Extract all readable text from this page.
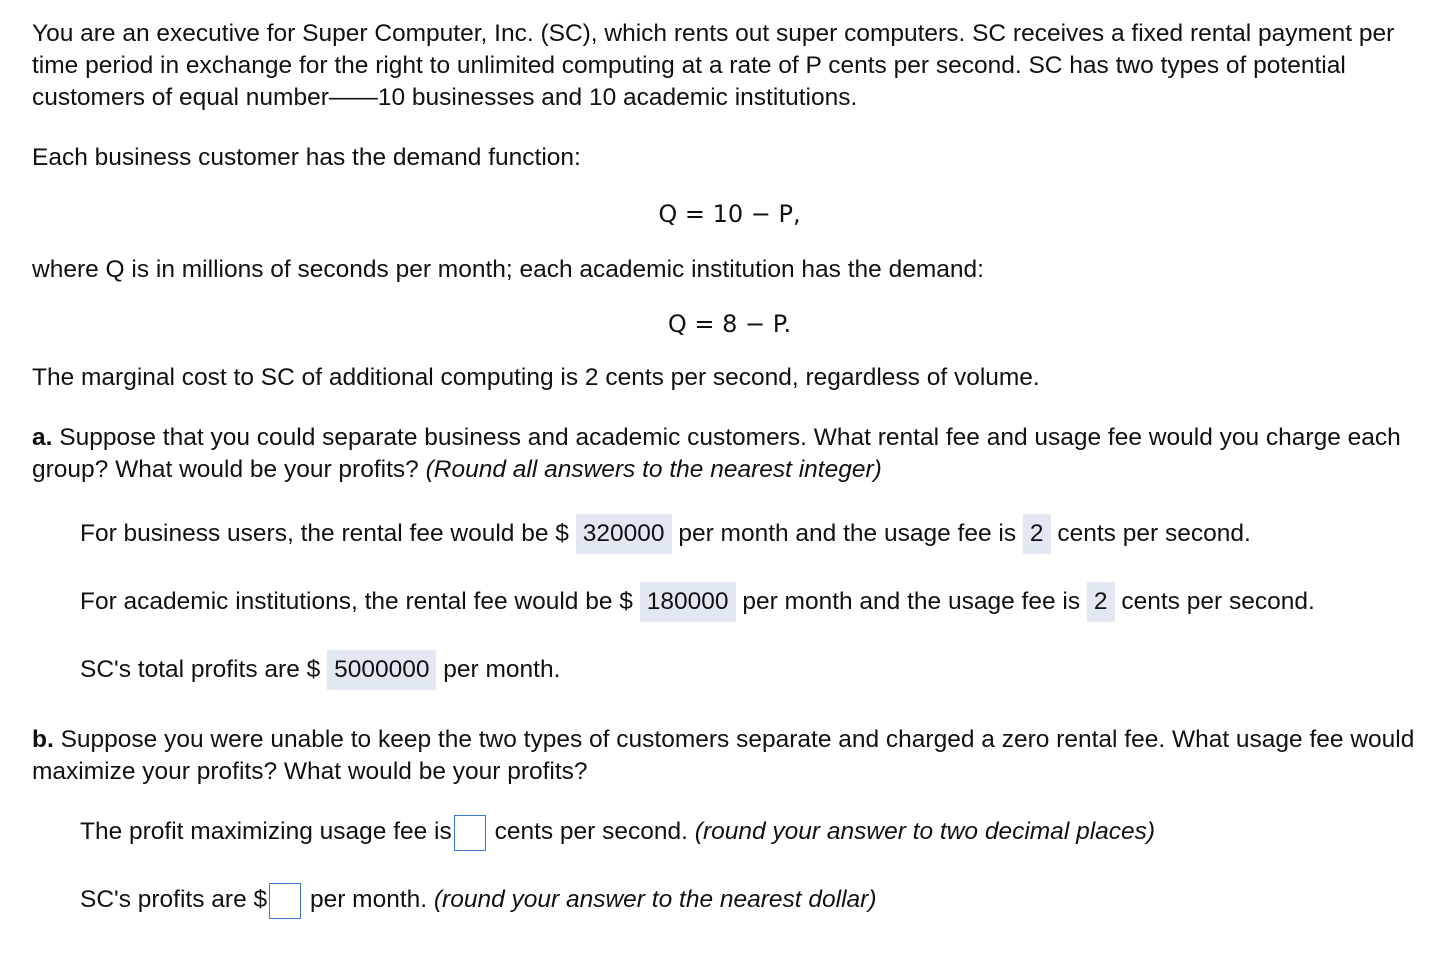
You are an executive for Super Computer, Inc. (SC), which rents out super computers. SC receives a fixed rental payment per time period in exchange for the right to unlimited computing at a rate of P cents per second. SC has two types of potential customers of equal number——10 businesses and 10 academic institutions.

Each business customer has the demand function:

Q = 10 − P,

where Q is in millions of seconds per month; each academic institution has the demand:

Q = 8 − P.

The marginal cost to SC of additional computing is 2 cents per second, regardless of volume.

a. Suppose that you could separate business and academic customers. What rental fee and usage fee would you charge each group? What would be your profits? (Round all answers to the nearest integer)

For business users, the rental fee would be $ 320000 per month and the usage fee is 2 cents per second.

For academic institutions, the rental fee would be $ 180000 per month and the usage fee is 2 cents per second.

SC's total profits are $ 5000000 per month.

b. Suppose you were unable to keep the two types of customers separate and charged a zero rental fee. What usage fee would maximize your profits? What would be your profits?

The profit maximizing usage fee is cents per second. (round your answer to two decimal places)

SC's profits are $ per month. (round your answer to the nearest dollar)
